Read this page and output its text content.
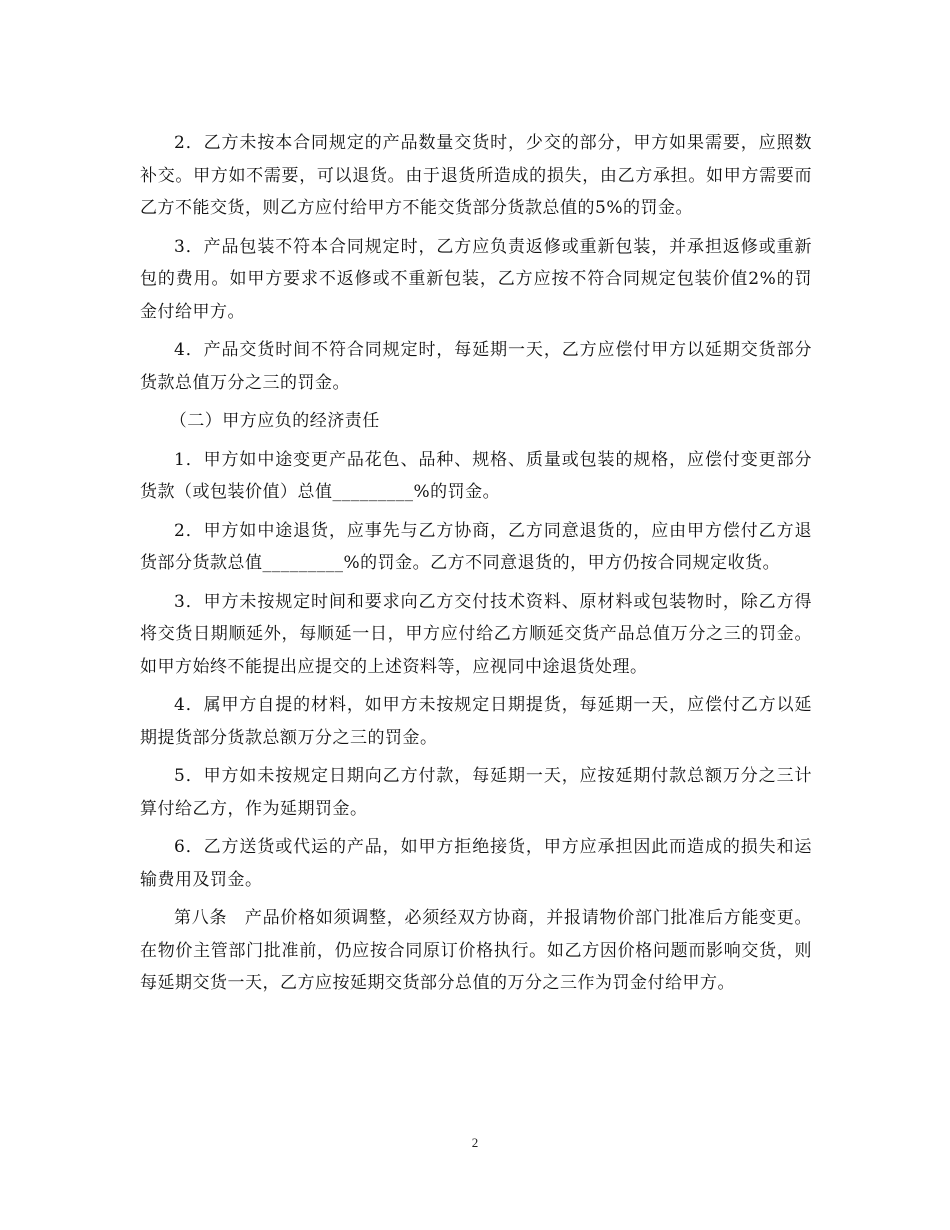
2．乙方未按本合同规定的产品数量交货时，少交的部分，甲方如果需要，应照数补交。甲方如不需要，可以退货。由于退货所造成的损失，由乙方承担。如甲方需要而乙方不能交货，则乙方应付给甲方不能交货部分货款总值的5%的罚金。

3．产品包装不符本合同规定时，乙方应负责返修或重新包装，并承担返修或重新包的费用。如甲方要求不返修或不重新包装，乙方应按不符合同规定包装价值2%的罚金付给甲方。

4．产品交货时间不符合同规定时，每延期一天，乙方应偿付甲方以延期交货部分货款总值万分之三的罚金。

（二）甲方应负的经济责任

1．甲方如中途变更产品花色、品种、规格、质量或包装的规格，应偿付变更部分货款（或包装价值）总值_________%的罚金。

2．甲方如中途退货，应事先与乙方协商，乙方同意退货的，应由甲方偿付乙方退货部分货款总值_________%的罚金。乙方不同意退货的，甲方仍按合同规定收货。

3．甲方未按规定时间和要求向乙方交付技术资料、原材料或包装物时，除乙方得将交货日期顺延外，每顺延一日，甲方应付给乙方顺延交货产品总值万分之三的罚金。如甲方始终不能提出应提交的上述资料等，应视同中途退货处理。

4．属甲方自提的材料，如甲方未按规定日期提货，每延期一天，应偿付乙方以延期提货部分货款总额万分之三的罚金。

5．甲方如未按规定日期向乙方付款，每延期一天，应按延期付款总额万分之三计算付给乙方，作为延期罚金。

6．乙方送货或代运的产品，如甲方拒绝接货，甲方应承担因此而造成的损失和运输费用及罚金。

第八条　产品价格如须调整，必须经双方协商，并报请物价部门批准后方能变更。在物价主管部门批准前，仍应按合同原订价格执行。如乙方因价格问题而影响交货，则每延期交货一天，乙方应按延期交货部分总值的万分之三作为罚金付给甲方。

2
